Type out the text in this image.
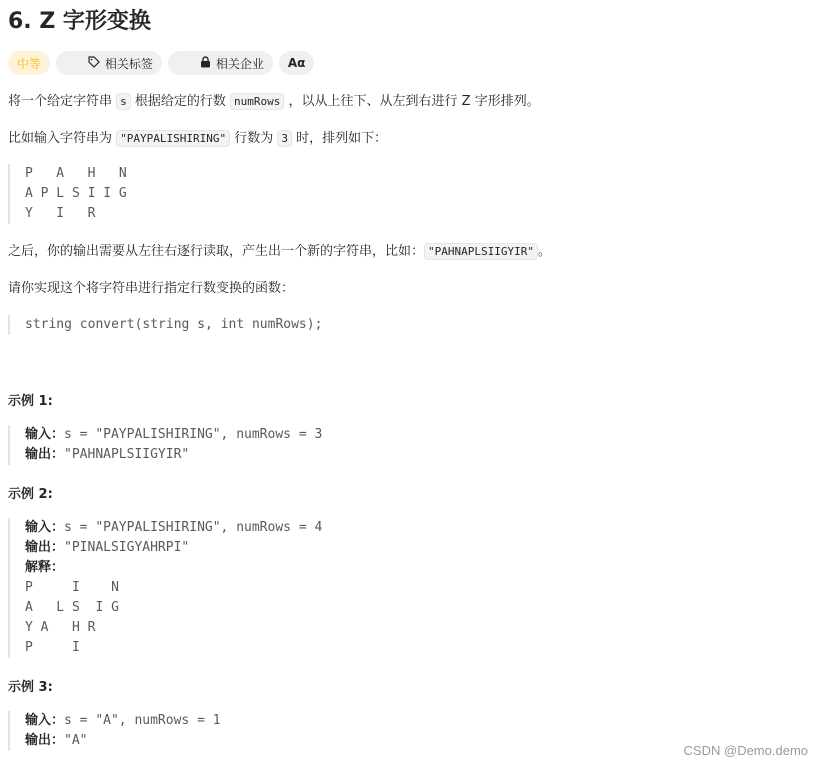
6. Z 字形变换
中等

	相关标签

	相关企业 Aα
将一个给定字符串 s 根据给定的行数 numRows ，以从上往下、从左到右进行 Z 字形排列。
比如输入字符串为 "PAYPALISHIRING" 行数为 3 时，排列如下：
P   A   H   N
A P L S I I G
Y   I   R
之后，你的输出需要从左往右逐行读取，产生出一个新的字符串，比如： "PAHNAPLSIIGYIR" 。
请你实现这个将字符串进行指定行数变换的函数：
string convert(string s, int numRows);
示例 1:
输入：s = "PAYPALISHIRING", numRows = 3
输出："PAHNAPLSIIGYIR"
示例 2:
输入：s = "PAYPALISHIRING", numRows = 4
输出："PINALSIGYAHRPI"
解释：
P     I    N
A   L S  I G
Y A   H R
P     I
示例 3:
输入：s = "A", numRows = 1
输出："A"
CSDN @Demo.demo
